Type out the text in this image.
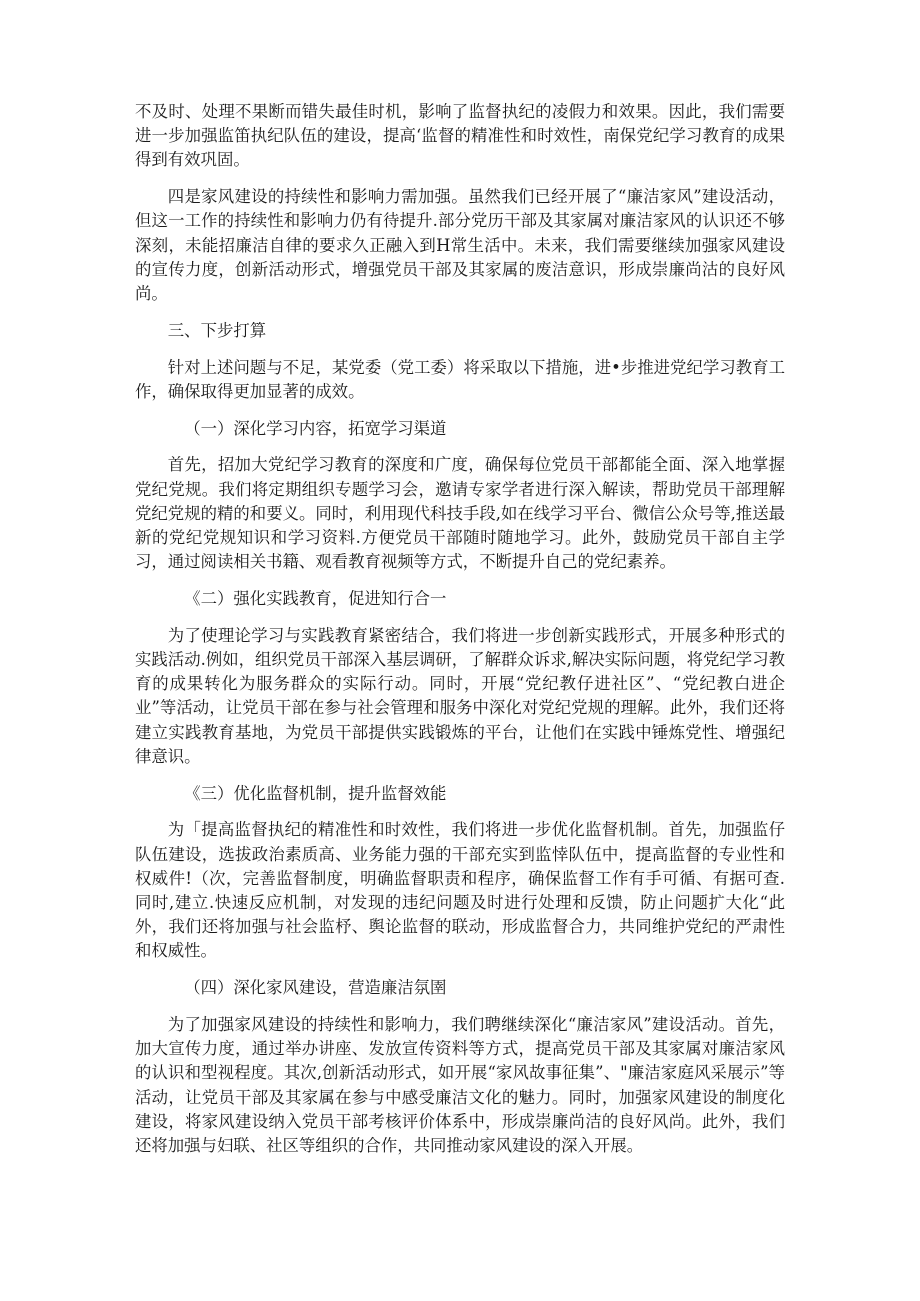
不及时、处理不果断而错失最佳时机，影响了监督执纪的凌假力和效果。因此，我们需要进一步加强监笛执纪队伍的建设，提高‘监督的精准性和时效性，南保党纪学习教育的成果得到有效巩固。

四是家风建设的持续性和影响力需加强。虽然我们已经开展了“廉洁家风”建设活动，但这一工作的持续性和影响力仍有待提升.部分党历干部及其家属对廉洁家风的认识还不够深刻，未能招廉洁自律的要求久正融入到H常生活中。未来，我们需要继续加强家风建设的宣传力度，创新活动形式，增强党员干部及其家属的废洁意识，形成崇廉尚沽的良好风尚。

三、下步打算

针对上述问题与不足，某党委（党工委）将采取以下措施，进•步推进党纪学习教育工作，确保取得更加显著的成效。

（一）深化学习内容，拓宽学习渠道

首先，招加大党纪学习教育的深度和广度，确保每位党员干部都能全面、深入地掌握党纪党规。我们将定期组织专题学习会，邀请专家学者进行深入解读，帮助党员干部理解党纪党规的精的和要义。同时，利用现代科技手段,如在线学习平台、微信公众号等,推送最新的党纪党规知识和学习资料.方便党员干部随时随地学习。此外，鼓励党员干部自主学习，通过阅读相关书籍、观看教育视频等方式，不断提升自己的党纪素养。

《二）强化实践教育，促进知行合一

为了使理论学习与实践教育紧密结合，我们将进一步创新实践形式，开展多种形式的实践活动.例如，组织党员干部深入基层调研，了解群众诉求,解决实际问题，将党纪学习教育的成果转化为服务群众的实际行动。同时，开展“党纪教仔进社区”、“党纪教白进企业”等活动，让党员干部在参与社会管理和服务中深化对党纪党规的理解。此外，我们还将建立实践教育基地，为党员干部提供实践锻炼的平台，让他们在实践中锤炼党性、增强纪律意识。

《三）优化监督机制，提升监督效能

为「提高监督执纪的精准性和时效性，我们将进一步优化监督机制。首先，加强监仔队伍建设，选拔政治素质高、业务能力强的干部充实到监悻队伍中，提高监督的专业性和权威件!（次，完善监督制度，明确监督职责和程序，确保监督工作有手可循、有据可查.同时,建立.快速反应机制，对发现的违纪问题及时进行处理和反馈，防止问题扩大化“此外，我们还将加强与社会监杼、舆论监督的联动，形成监督合力，共同维护党纪的严肃性和权威性。

（四）深化家风建设，营造廉洁氛圉

为了加强家风建设的持续性和影响力，我们聘继续深化“廉洁家风”建设活动。首先，加大宣传力度，通过举办讲座、发放宣传资料等方式，提高党员干部及其家属对廉洁家风的认识和型视程度。其次,创新活动形式，如开展“家风故事征集”、"廉洁家庭风采展示”等活动，让党员干部及其家属在参与中感受廉洁文化的魅力。同时，加强家风建设的制度化建设，将家风建设纳入党员干部考核评价体系中，形成崇廉尚洁的良好风尚。此外，我们还将加强与妇联、社区等组织的合作，共同推动家风建设的深入开展。
